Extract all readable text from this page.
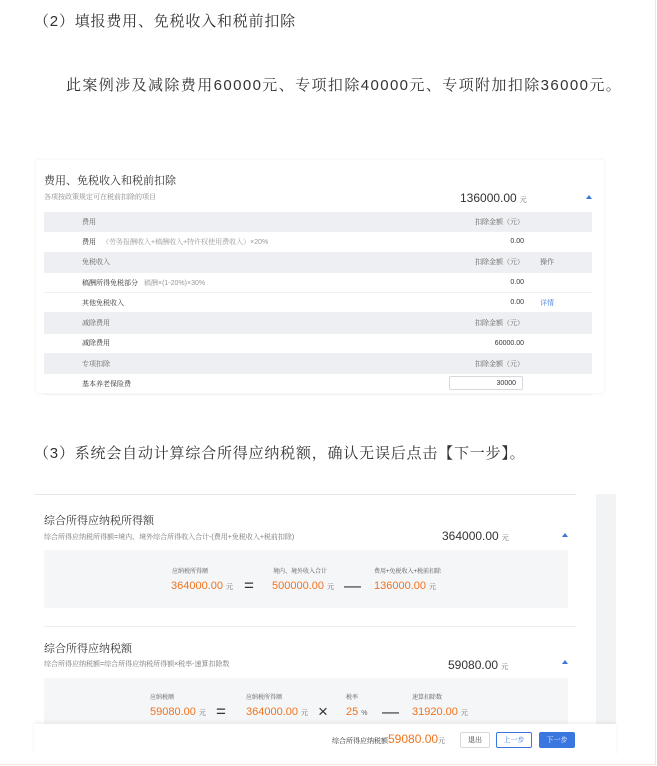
（2）填报费用、免税收入和税前扣除
此案例涉及减除费用60000元、专项扣除40000元、专项附加扣除36000元。
费用、免税收入和税前扣除
各项按政策规定可在税前扣除的项目	136000.00 元
费用	扣除金额（元）
费用 （劳务报酬收入+稿酬收入+特许权使用费收入）×20%	0.00
免税收入	扣除金额（元） 操作
稿酬所得免税部分 稿酬×(1-20%)×30%	0.00
其他免税收入	0.00 详情
减除费用	扣除金额（元）
减除费用	60000.00
专项扣除	扣除金额（元）
基本养老保险费	30000
（3）系统会自动计算综合所得应纳税额，确认无误后点击【下一步】。
综合所得应纳税所得额
综合所得应纳税所得额=境内、境外综合所得收入合计-(费用+免税收入+税前扣除)	364000.00 元
应纳税所得额
364000.00 元 =
境内、境外收入合计
500000.00 元 —
费用+免税收入+税前扣除
136000.00 元
综合所得应纳税额
综合所得应纳税额=综合所得应纳税所得额×税率-速算扣除数	59080.00 元
应纳税额
59080.00 元 =
应纳税所得额
364000.00 元 ×
税率
25 % —
速算扣除数
31920.00 元
综合所得应纳税额 59080.00 元	退出	上一步	下一步
